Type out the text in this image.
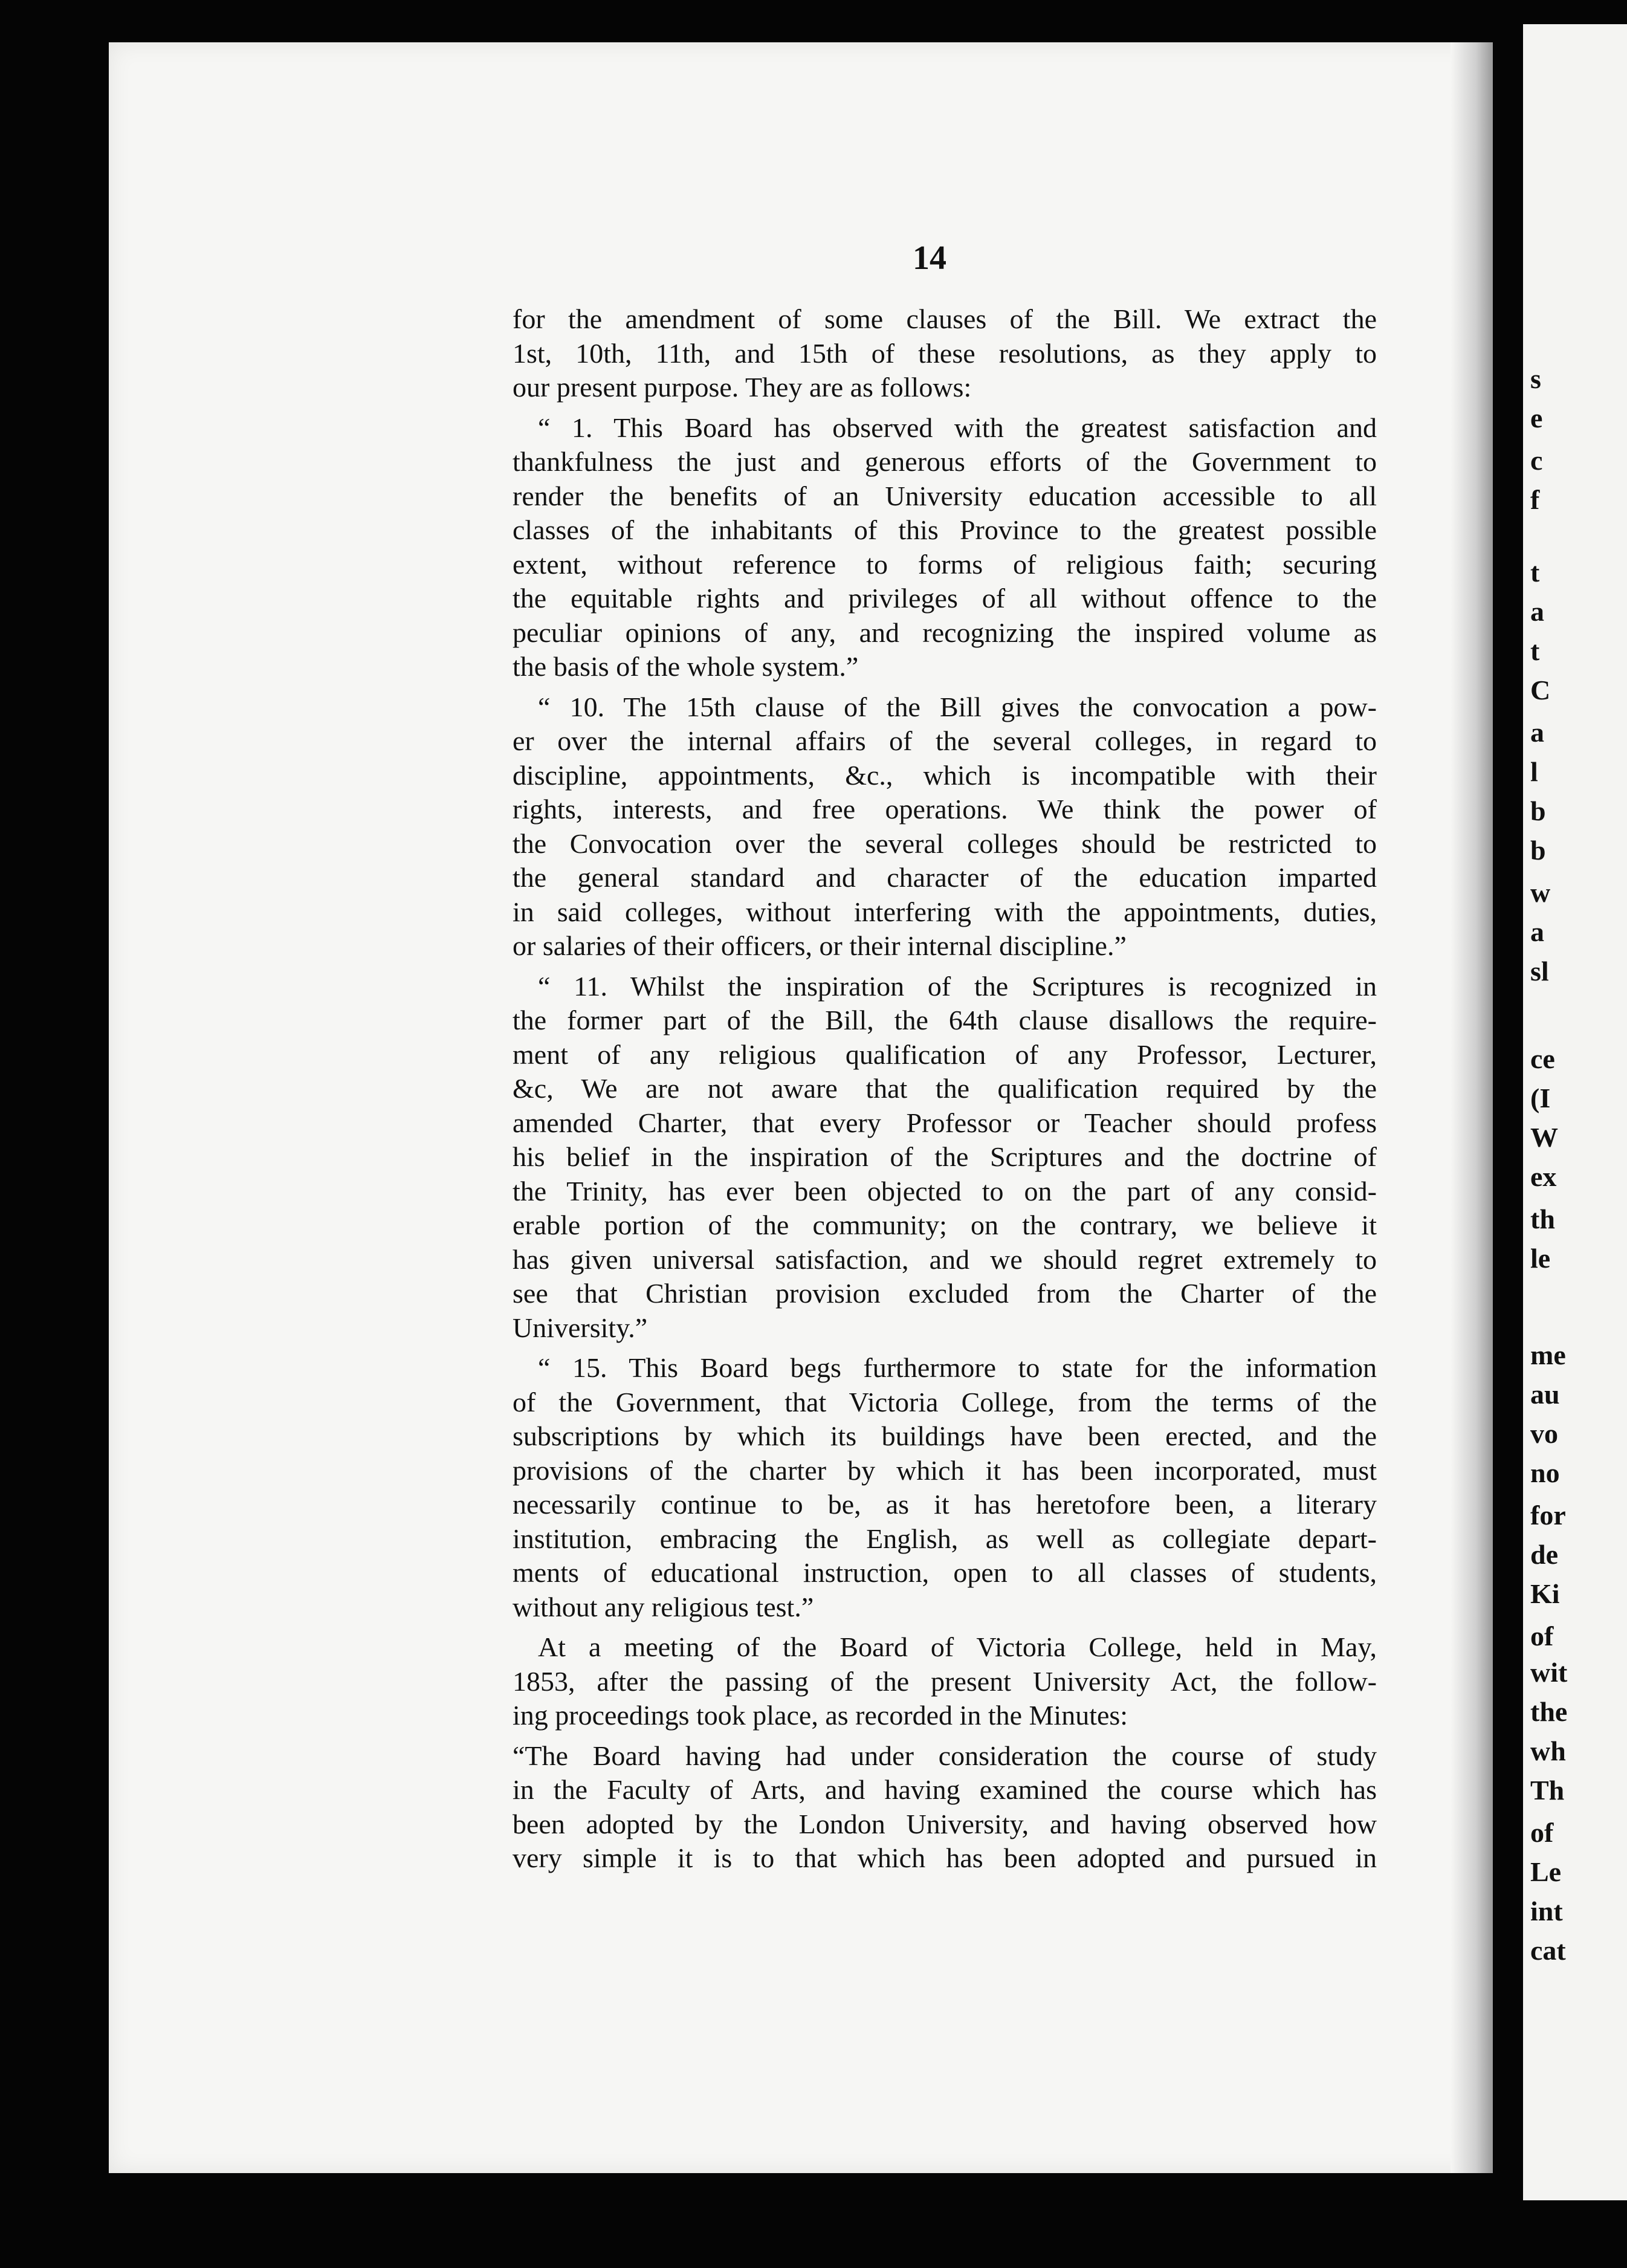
s
e
c
f
t
a
t
C
a
l
b
b
w
a
sl
ce
(I
W
ex
th
le
me
au
vo
no
for
de
Ki
of
wit
the
wh
Th
of
Le
int
cat
14

for the amendment of some clauses of the Bill. We extract the
1st, 10th, 11th, and 15th of these resolutions, as they apply to
our present purpose. They are as follows:

“ 1. This Board has observed with the greatest satisfaction and
thankfulness the just and generous efforts of the Government to
render the benefits of an University education accessible to all
classes of the inhabitants of this Province to the greatest possible
extent, without reference to forms of religious faith; securing
the equitable rights and privileges of all without offence to the
peculiar opinions of any, and recognizing the inspired volume as
the basis of the whole system.”

“ 10. The 15th clause of the Bill gives the convocation a pow-
er over the internal affairs of the several colleges, in regard to
discipline, appointments, &c., which is incompatible with their
rights, interests, and free operations. We think the power of
the Convocation over the several colleges should be restricted to
the general standard and character of the education imparted
in said colleges, without interfering with the appointments, duties,
or salaries of their officers, or their internal discipline.”

“ 11. Whilst the inspiration of the Scriptures is recognized in
the former part of the Bill, the 64th clause disallows the require-
ment of any religious qualification of any Professor, Lecturer,
&c, We are not aware that the qualification required by the
amended Charter, that every Professor or Teacher should profess
his belief in the inspiration of the Scriptures and the doctrine of
the Trinity, has ever been objected to on the part of any consid-
erable portion of the community; on the contrary, we believe it
has given universal satisfaction, and we should regret extremely to
see that Christian provision excluded from the Charter of the
University.”

“ 15. This Board begs furthermore to state for the information
of the Government, that Victoria College, from the terms of the
subscriptions by which its buildings have been erected, and the
provisions of the charter by which it has been incorporated, must
necessarily continue to be, as it has heretofore been, a literary
institution, embracing the English, as well as collegiate depart-
ments of educational instruction, open to all classes of students,
without any religious test.”

At a meeting of the Board of Victoria College, held in May,
1853, after the passing of the present University Act, the follow-
ing proceedings took place, as recorded in the Minutes:

“The Board having had under consideration the course of study
in the Faculty of Arts, and having examined the course which has
been adopted by the London University, and having observed how
very simple it is to that which has been adopted and pursued in
